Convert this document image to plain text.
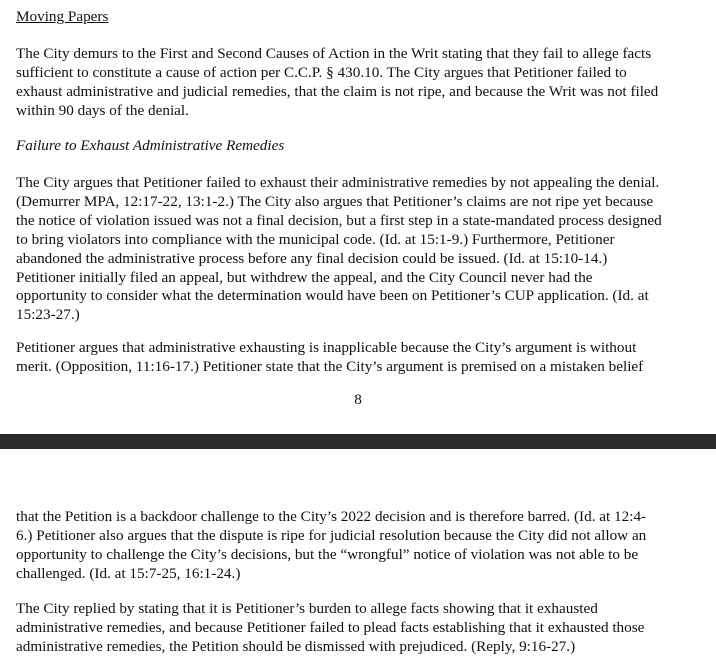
Moving Papers

The City demurs to the First and Second Causes of Action in the Writ stating that they fail to allege facts
sufficient to constitute a cause of action per C.C.P. § 430.10. The City argues that Petitioner failed to
exhaust administrative and judicial remedies, that the claim is not ripe, and because the Writ was not filed
within 90 days of the denial.

Failure to Exhaust Administrative Remedies

The City argues that Petitioner failed to exhaust their administrative remedies by not appealing the denial.
(Demurrer MPA, 12:17-22, 13:1-2.) The City also argues that Petitioner’s claims are not ripe yet because
the notice of violation issued was not a final decision, but a first step in a state-mandated process designed
to bring violators into compliance with the municipal code. (Id. at 15:1-9.) Furthermore, Petitioner
abandoned the administrative process before any final decision could be issued. (Id. at 15:10-14.)
Petitioner initially filed an appeal, but withdrew the appeal, and the City Council never had the
opportunity to consider what the determination would have been on Petitioner’s CUP application. (Id. at
15:23-27.)

Petitioner argues that administrative exhausting is inapplicable because the City’s argument is without
merit. (Opposition, 11:16-17.) Petitioner state that the City’s argument is premised on a mistaken belief

8

that the Petition is a backdoor challenge to the City’s 2022 decision and is therefore barred. (Id. at 12:4-
6.) Petitioner also argues that the dispute is ripe for judicial resolution because the City did not allow an
opportunity to challenge the City’s decisions, but the “wrongful” notice of violation was not able to be
challenged. (Id. at 15:7-25, 16:1-24.)

The City replied by stating that it is Petitioner’s burden to allege facts showing that it exhausted
administrative remedies, and because Petitioner failed to plead facts establishing that it exhausted those
administrative remedies, the Petition should be dismissed with prejudiced. (Reply, 9:16-27.)
